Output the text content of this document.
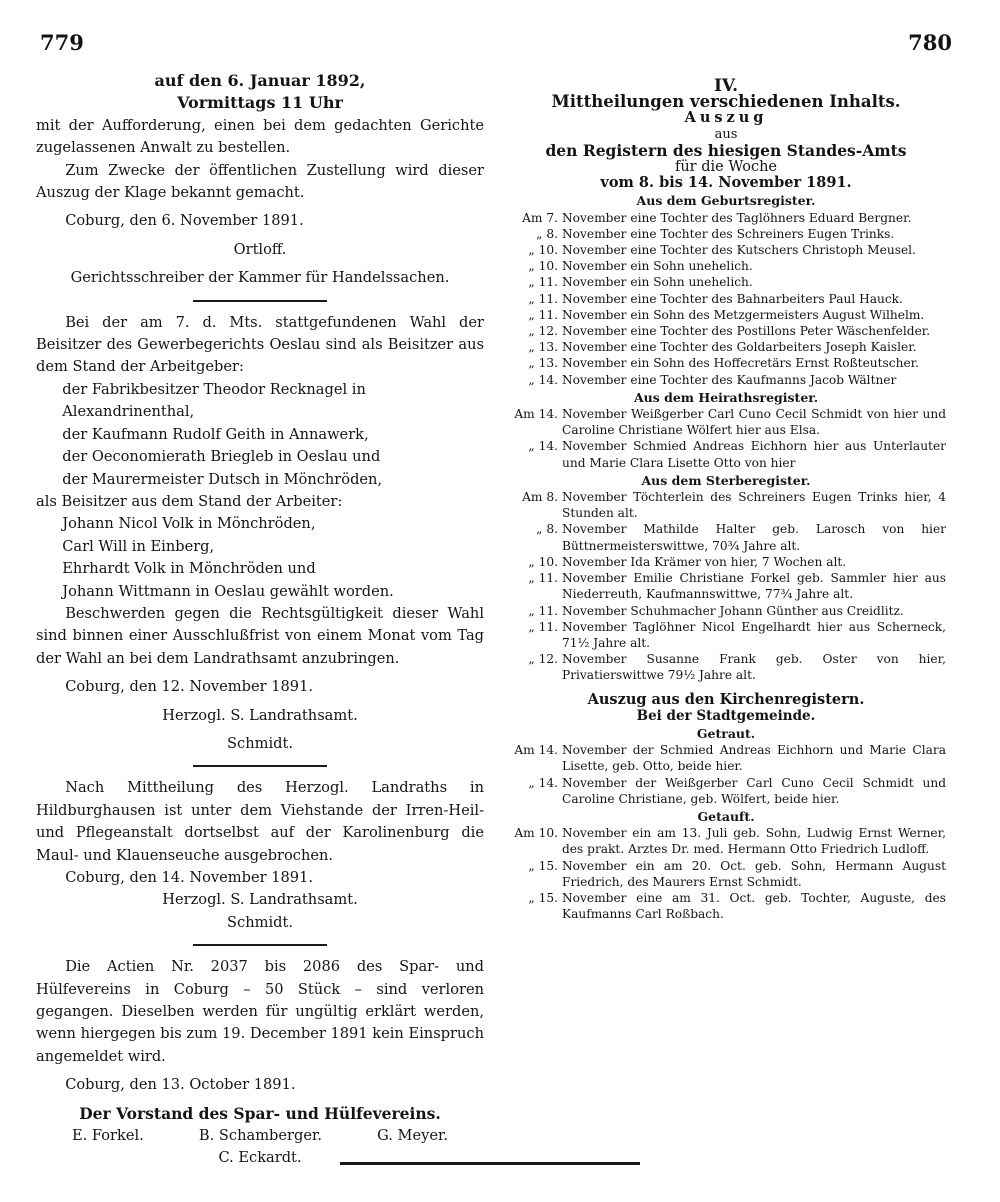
779	780
auf den 6. Januar 1892,
Vormittags 11 Uhr

mit der Aufforderung, einen bei dem gedachten Gerichte zugelassenen Anwalt zu bestellen.

Zum Zwecke der öffentlichen Zustellung wird dieser Auszug der Klage bekannt gemacht.

Coburg, den 6. November 1891.

Ortloff.
Gerichtsschreiber der Kammer für Handelssachen.

Bei der am 7. d. Mts. stattgefundenen Wahl der Beisitzer des Gewerbegerichts Oeslau sind als Beisitzer aus dem Stand der Arbeitgeber:

der Fabrikbesitzer Theodor Recknagel in Alexandrinenthal,
der Kaufmann Rudolf Geith in Annawerk,
der Oeconomierath Briegleb in Oeslau und
der Maurermeister Dutsch in Mönchröden,
als Beisitzer aus dem Stand der Arbeiter:
Johann Nicol Volk in Mönchröden,
Carl Will in Einberg,
Ehrhardt Volk in Mönchröden und
Johann Wittmann in Oeslau gewählt worden.

Beschwerden gegen die Rechtsgültigkeit dieser Wahl sind binnen einer Ausschlußfrist von einem Monat vom Tag der Wahl an bei dem Landrathsamt anzubringen.

Coburg, den 12. November 1891.

Herzogl. S. Landrathsamt.
Schmidt.

Nach Mittheilung des Herzogl. Landraths in Hildburghausen ist unter dem Viehstande der Irren-Heil- und Pflegeanstalt dortselbst auf der Karolinenburg die Maul- und Klauenseuche ausgebrochen.

Coburg, den 14. November 1891.

Herzogl. S. Landrathsamt.
Schmidt.

Die Actien Nr. 2037 bis 2086 des Spar- und Hülfevereins in Coburg – 50 Stück – sind verloren gegangen. Dieselben werden für ungültig erklärt werden, wenn hiergegen bis zum 19. December 1891 kein Einspruch angemeldet wird.

Coburg, den 13. October 1891.

Der Vorstand des Spar- und Hülfevereins.
E. Forkel.	B. Schamberger.	G. Meyer.
C. Eckardt.
IV.
Mittheilungen verschiedenen Inhalts.
Auszug
aus
den Registern des hiesigen Standes-Amts
für die Woche
vom 8. bis 14. November 1891.
Aus dem Geburtsregister.
Am 7. November eine Tochter des Taglöhners Eduard Bergner.
„ 8. November eine Tochter des Schreiners Eugen Trinks.
„ 10. November eine Tochter des Kutschers Christoph Meusel.
„ 10. November ein Sohn unehelich.
„ 11. November ein Sohn unehelich.
„ 11. November eine Tochter des Bahnarbeiters Paul Hauck.
„ 11. November ein Sohn des Metzgermeisters August Wilhelm.
„ 12. November eine Tochter des Postillons Peter Wäschenfelder.
„ 13. November eine Tochter des Goldarbeiters Joseph Kaisler.
„ 13. November ein Sohn des Hoffecretärs Ernst Roßteutscher.
„ 14. November eine Tochter des Kaufmanns Jacob Wältner
Aus dem Heirathsregister.
Am 14. November Weißgerber Carl Cuno Cecil Schmidt von hier und Caroline Christiane Wölfert hier aus Elsa.
„ 14. November Schmied Andreas Eichhorn hier aus Unterlauter und Marie Clara Lisette Otto von hier
Aus dem Sterberegister.
Am 8. November Töchterlein des Schreiners Eugen Trinks hier, 4 Stunden alt.
„ 8. November Mathilde Halter geb. Larosch von hier Büttnermeisterswittwe, 70¾ Jahre alt.
„ 10. November Ida Krämer von hier, 7 Wochen alt.
„ 11. November Emilie Christiane Forkel geb. Sammler hier aus Niederreuth, Kaufmannswittwe, 77¾ Jahre alt.
„ 11. November Schuhmacher Johann Günther aus Creidlitz.
„ 11. November Taglöhner Nicol Engelhardt hier aus Scherneck, 71½ Jahre alt.
„ 12. November Susanne Frank geb. Oster von hier, Privatierswittwe 79½ Jahre alt.
Auszug aus den Kirchenregistern.
Bei der Stadtgemeinde.
Getraut.
Am 14. November der Schmied Andreas Eichhorn und Marie Clara Lisette, geb. Otto, beide hier.
„ 14. November der Weißgerber Carl Cuno Cecil Schmidt und Caroline Christiane, geb. Wölfert, beide hier.
Getauft.
Am 10. November ein am 13. Juli geb. Sohn, Ludwig Ernst Werner, des prakt. Arztes Dr. med. Hermann Otto Friedrich Ludloff.
„ 15. November ein am 20. Oct. geb. Sohn, Hermann August Friedrich, des Maurers Ernst Schmidt.
„ 15. November eine am 31. Oct. geb. Tochter, Auguste, des Kaufmanns Carl Roßbach.
